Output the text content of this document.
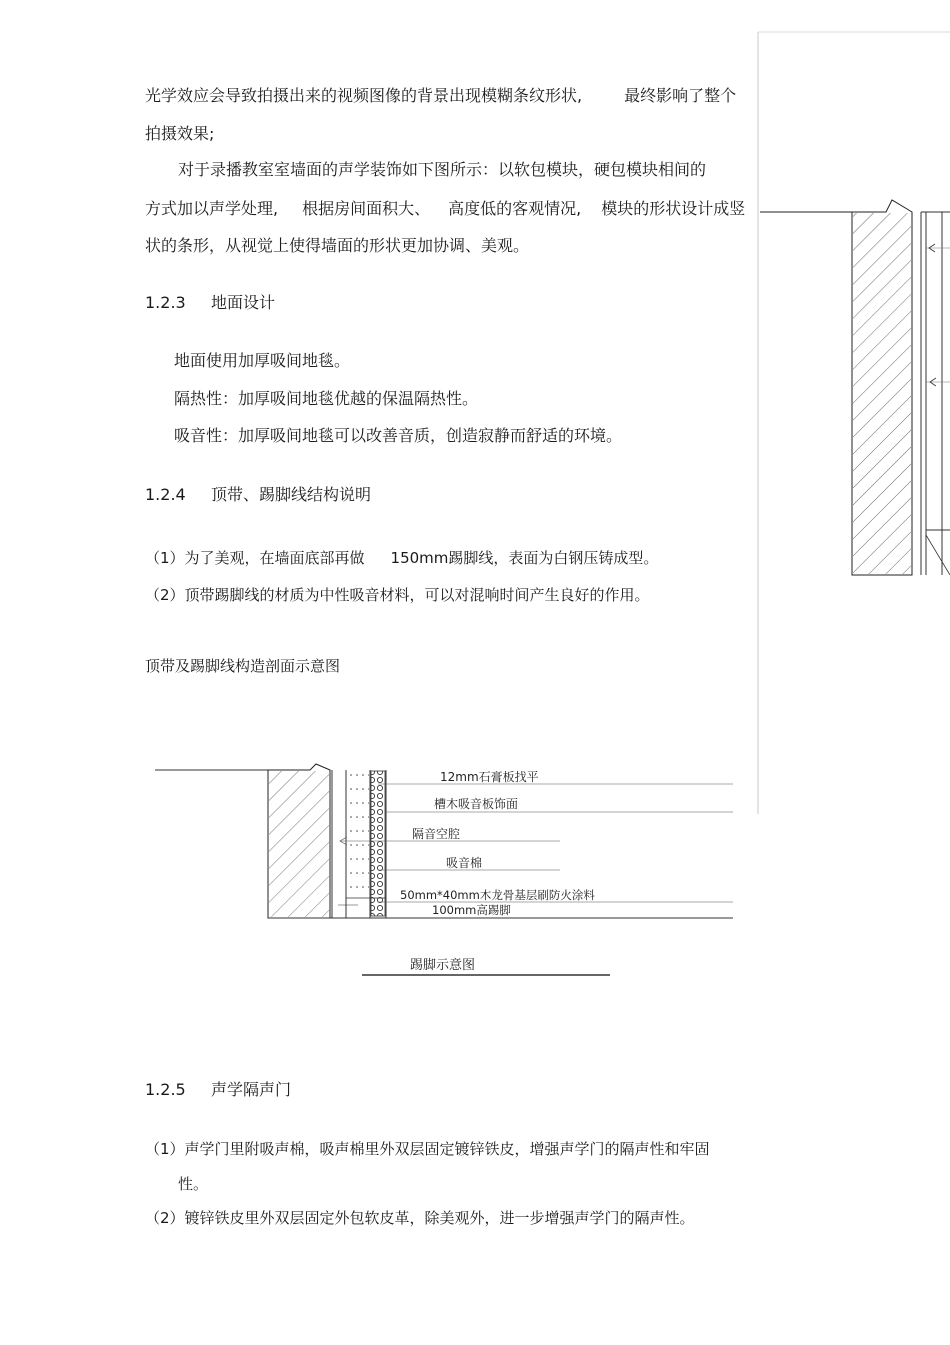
光学效应会导致拍摄出来的视频图像的背景出现模糊条纹形状,	最终影响了整个
拍摄效果;
对于录播教室室墙面的声学装饰如下图所示：以软包模块，硬包模块相间的
方式加以声学处理, 根据房间面积大、 高度低的客观情况, 模块的形状设计成竖
状的条形，从视觉上使得墙面的形状更加协调、美观。
1.2.3 地面设计
地面使用加厚吸间地毯。
隔热性：加厚吸间地毯优越的保温隔热性。
吸音性：加厚吸间地毯可以改善音质，创造寂静而舒适的环境。
1.2.4 顶带、踢脚线结构说明
（1）为了美观，在墙面底部再做 150mm踢脚线，表面为白钢压铸成型。
（2）顶带踢脚线的材质为中性吸音材料，可以对混响时间产生良好的作用。
顶带及踢脚线构造剖面示意图
12mm石膏板找平
槽木吸音板饰面
隔音空腔
吸音棉
50mm*40mm木龙骨基层刷防火涂料
100mm高踢脚
踢脚示意图
1.2.5 声学隔声门
（1）声学门里附吸声棉，吸声棉里外双层固定镀锌铁皮，增强声学门的隔声性和牢固
性。
（2）镀锌铁皮里外双层固定外包软皮革，除美观外，进一步增强声学门的隔声性。
